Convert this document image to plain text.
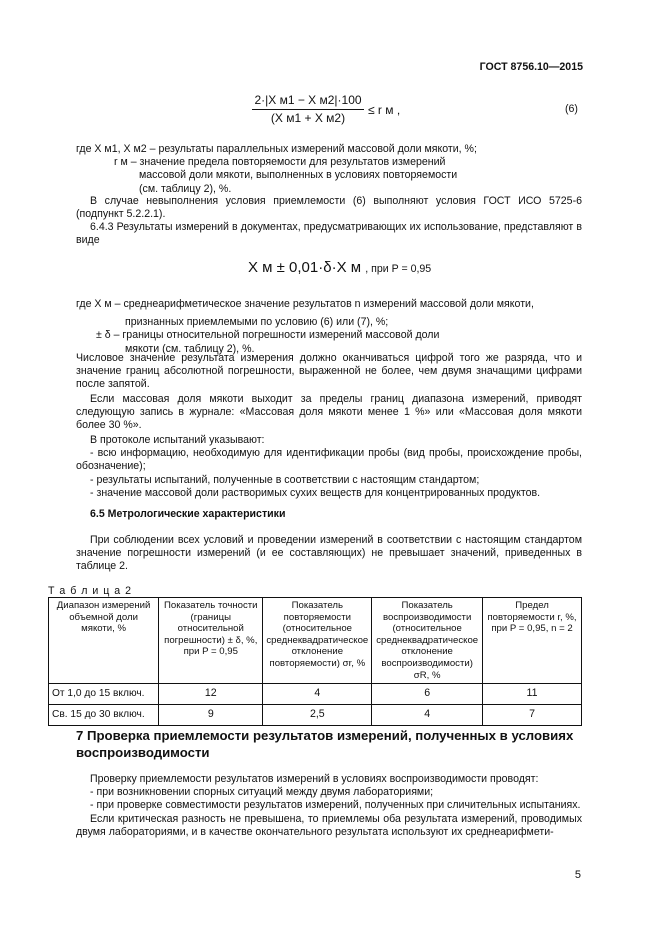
ГОСТ 8756.10—2015
2·|X м1 − X м2|·100
(X м1 + X м2)
≤ r м ,	(6)
где X м1, X м2 – результаты параллельных измерений массовой доли мякоти, %;
r м – значение предела повторяемости для результатов измерений
массовой доли мякоти, выполненных в условиях повторяемости
(см. таблицу 2), %.
В случае невыполнения условия приемлемости (6) выполняют условия ГОСТ ИСО 5725-6 (подпункт 5.2.2.1).
6.4.3 Результаты измерений в документах, предусматривающих их использование, представляют в виде
X м ± 0,01·δ·X м , при P = 0,95
где X м – среднеарифметическое значение результатов n измерений массовой доли мякоти,
признанных приемлемыми по условию (6) или (7), %;
± δ – границы относительной погрешности измерений массовой доли
мякоти (см. таблицу 2), %.
Числовое значение результата измерения должно оканчиваться цифрой того же разряда, что и значение границ абсолютной погрешности, выраженной не более, чем двумя значащими цифрами после запятой.
Если массовая доля мякоти выходит за пределы границ диапазона измерений, приводят следующую запись в журнале: «Массовая доля мякоти менее 1 %» или «Массовая доля мякоти более 30 %».
В протоколе испытаний указывают:
- всю информацию, необходимую для идентификации пробы (вид пробы, происхождение пробы, обозначение);
- результаты испытаний, полученные в соответствии с настоящим стандартом;
- значение массовой доли растворимых сухих веществ для концентрированных продуктов.
6.5 Метрологические характеристики
При соблюдении всех условий и проведении измерений в соответствии с настоящим стандартом значение погрешности измерений (и ее составляющих) не превышает значений, приведенных в таблице 2.
Т а б л и ц а 2
Диапазон измерений объемной доли мякоти, %	Показатель точности (границы относительной погрешности) ± δ, %, при P = 0,95	Показатель повторяемости (относительное среднеквадратическое отклонение повторяемости) σr, %	Показатель воспроизводимости (относительное среднеквадратическое отклонение воспроизводимости) σR, %	Предел повторяемости r, %, при P = 0,95, n = 2
От 1,0 до 15 включ.	12	4	6	11
Св. 15 до 30 включ.	9	2,5	4	7
7 Проверка приемлемости результатов измерений, полученных в условиях воспроизводимости
Проверку приемлемости результатов измерений в условиях воспроизводимости проводят:
- при возникновении спорных ситуаций между двумя лабораториями;
- при проверке совместимости результатов измерений, полученных при сличительных испытаниях.
Если критическая разность не превышена, то приемлемы оба результата измерений, проводимых двумя лабораториями, и в качестве окончательного результата используют их среднеарифмети-
5
